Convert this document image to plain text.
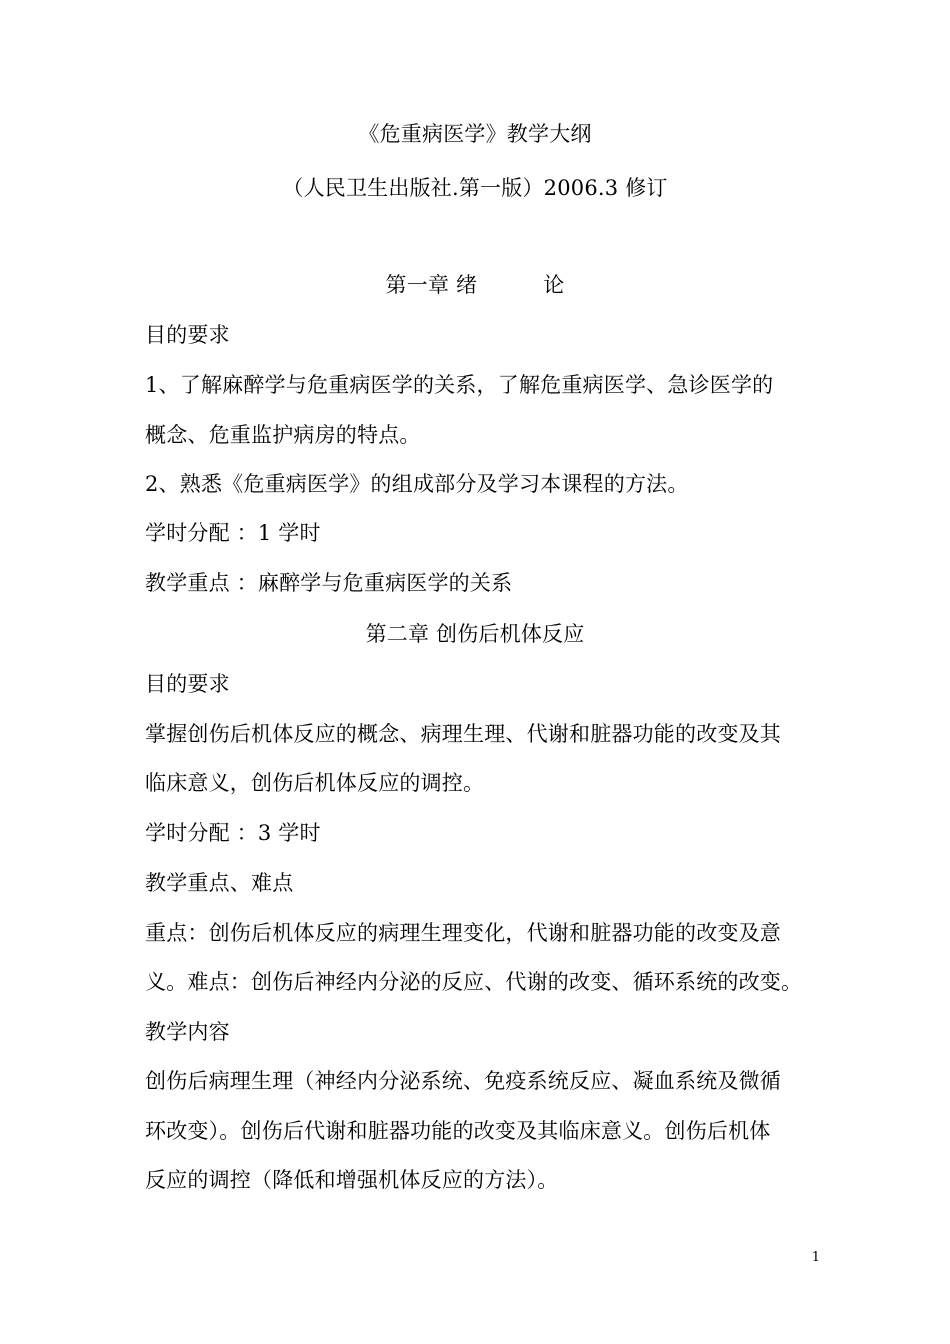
《危重病医学》教学大纲
（人民卫生出版社.第一版）2006.3 修订
第一章 绪	论
目的要求
1、了解麻醉学与危重病医学的关系，了解危重病医学、急诊医学的
概念、危重监护病房的特点。
2、熟悉《危重病医学》的组成部分及学习本课程的方法。
学时分配 ：1 学时
教学重点 ：麻醉学与危重病医学的关系
第二章 创伤后机体反应
目的要求
掌握创伤后机体反应的概念、病理生理、代谢和脏器功能的改变及其
临床意义，创伤后机体反应的调控。
学时分配 ：3 学时
教学重点、难点
重点：创伤后机体反应的病理生理变化，代谢和脏器功能的改变及意
义。难点：创伤后神经内分泌的反应、代谢的改变、循环系统的改变。
教学内容
创伤后病理生理（神经内分泌系统、免疫系统反应、凝血系统及微循
环改变）。创伤后代谢和脏器功能的改变及其临床意义。创伤后机体
反应的调控（降低和增强机体反应的方法）。
1
